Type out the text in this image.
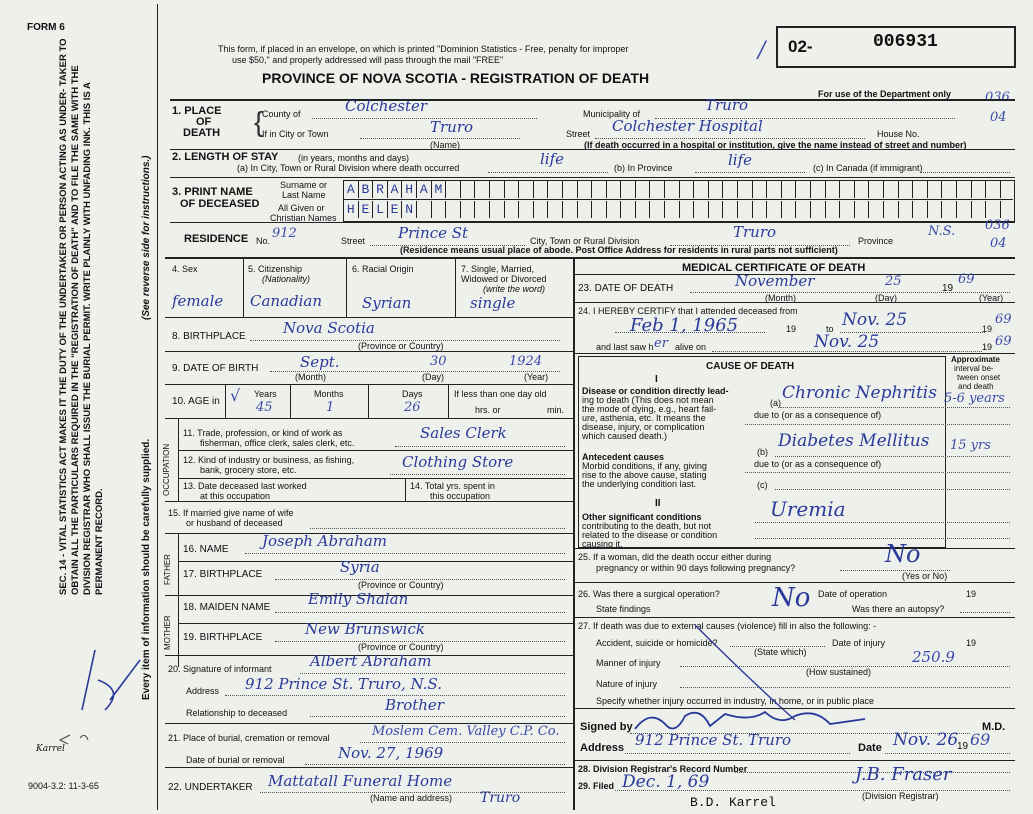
FORM 6
This form, if placed in an envelope, on which is printed "Dominion Statistics - Free, penalty for improper
use $50," and properly addressed will pass through the mail "FREE"
PROVINCE OF NOVA SCOTIA - REGISTRATION OF DEATH
02-	006931
/
For use of the Department only	036
04
SEC. 14 - VITAL STATISTICS ACT MAKES IT THE DUTY OF THE UNDERTAKER OR PERSON ACTING AS UNDER- TAKER TO OBTAIN ALL THE PARTICULARS REQUIRED IN THE "REGISTRATION OF DEATH" AND TO FILE THE SAME WITH THE DIVISION REGISTRAR WHO SHALL ISSUE THE BURIAL PERMIT. WRITE PLAINLY WITH UNFADING INK. THIS IS A PERMANENT RECORD.
(See reverse side for instructions.)
Every item of information should be carefully supplied.
Karrel
9004-3.2: 11-3-65
1. PLACE
OF
DEATH {
County of	Colchester	Municipality of	Truro
If in City or Town	Truro
(Name)
Street Colchester Hospital	House No.
(If death occurred in a hospital or institution, give the name instead of street and number)
2. LENGTH OF STAY (in years, months and days)
(a) In City, Town or Rural Division where death occurred	life	(b) In Province	life	(c) In Canada (if immigrant)
3. PRINT NAME
OF DECEASED
Surname or
Last Name
All Given or
Christian Names
A B R A H A M
H E L E N
RESIDENCE No. 912	Street Prince St	City, Town or Rural Division	Truro	Province
N.S. 036
04
(Residence means usual place of abode. Post Office Address for residents in rural parts not sufficient)
4. Sex
female
5. Citizenship
(Nationality)
Canadian
6. Racial Origin
Syrian
7. Single, Married,
Widowed or Divorced
(write the word)
single
8. BIRTHPLACE Nova Scotia
(Province or Country)
9. DATE OF BIRTH	Sept.	30	1924
(Month)	(Day)	(Year)
10. AGE in
Years
√
45
Months
1
Days
26
If less than one day old
hrs. or	min.
OCCUPATION
11. Trade, profession, or kind of work as
fisherman, office clerk, sales clerk, etc.
Sales Clerk
12. Kind of industry or business, as fishing,
bank, grocery store, etc.	Clothing Store
13. Date deceased last worked
at this occupation
14. Total yrs. spent in
this occupation
15. If married give name of wife
or husband of deceased
FATHER
16. NAME Joseph Abraham
17. BIRTHPLACE	Syria
(Province or Country)
MOTHER
18. MAIDEN NAME	Emily Shalan
19. BIRTHPLACE	New Brunswick
(Province or Country)
20. Signature of informant	Albert Abraham
Address 912 Prince St. Truro, N.S.
Relationship to deceased	Brother
21. Place of burial, cremation or removal	Moslem Cem. Valley C.P. Co.
Date of burial or removal	Nov. 27, 1969
22. UNDERTAKER Mattatall Funeral Home
(Name and address) Truro
MEDICAL CERTIFICATE OF DEATH
23. DATE OF DEATH	November	25	19
69
(Month)	(Day)	(Year)
24. I HEREBY CERTIFY that I attended deceased from
Feb 1, 1965	19	to Nov. 25	19
69
and last saw h er alive on	Nov. 25	19 69
CAUSE OF DEATH
Approximate
interval be-
tween onset
and death
I
Disease or condition directly lead-
ing to death (This does not mean
the mode of dying, e.g., heart fail-
ure, asthenia, etc. It means the
disease, injury, or complication
which caused death.)
(a) Chronic Nephritis 5-6 years
due to (or as a consequence of)
Antecedent causes
Morbid conditions, if any, giving
rise to the above cause, stating
the underlying condition last.
(b)
Diabetes Mellitus 15 yrs
due to (or as a consequence of)
(c)
II
Other significant conditions
contributing to the death, but not
related to the disease or condition
causing it.
Uremia
25. If a woman, did the death occur either during
pregnancy or within 90 days following pregnancy?	No
(Yes or No)
26. Was there a surgical operation? No Date of operation	19
State findings	Was there an autopsy?
27. If death was due to external causes (violence) fill in also the following: -
Accident, suicide or homicide?
(State which)
Date of injury	19
Manner of injury	250.9
(How sustained)
Nature of injury
Specify whether injury occurred in industry, in home, or in public place
Signed by	M.D.
Address 912 Prince St. Truro	Date Nov. 26
19 69
28. Division Registrar's Record Number
29. Filed Dec. 1, 69	J.B. Fraser
(Division Registrar)
B.D. Karrel
